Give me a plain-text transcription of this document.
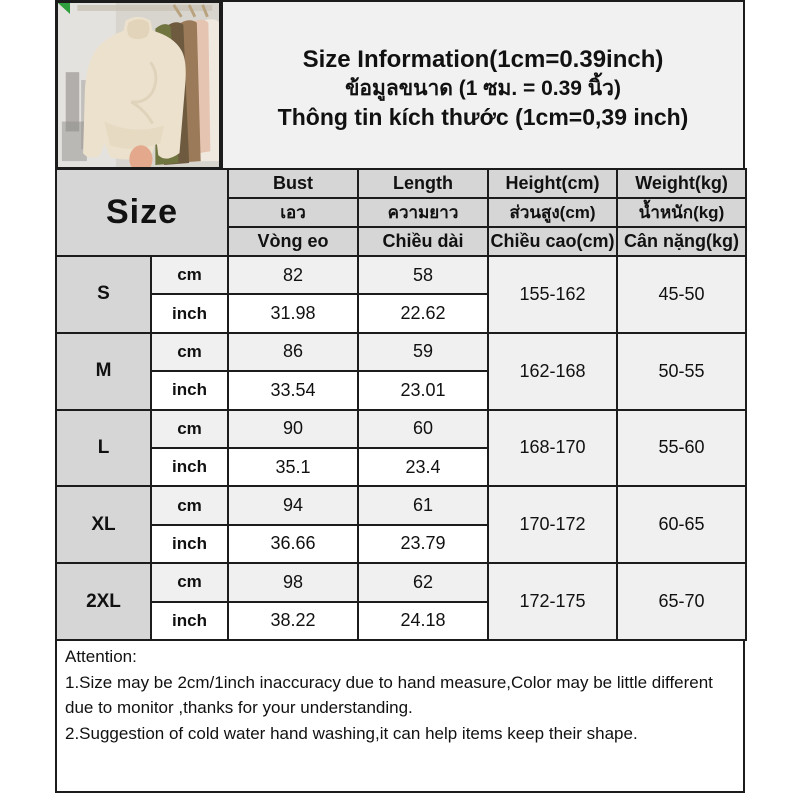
Size Information(1cm=0.39inch)
ข้อมูลขนาด (1 ซม. = 0.39 นิ้ว)
Thông tin kích thước (1cm=0,39 inch)
Size		Bust	Length	Height(cm)	Weight(kg)
		เอว	ความยาว	ส่วนสูง(cm)	น้ำหนัก(kg)
		Vòng eo	Chiều dài	Chiều cao(cm)	Cân nặng(kg)
S	cm	82	58	155-162	45-50
	inch	31.98	22.62		
M	cm	86	59	162-168	50-55
	inch	33.54	23.01		
L	cm	90	60	168-170	55-60
	inch	35.1	23.4		
XL	cm	94	61	170-172	60-65
	inch	36.66	23.79		
2XL	cm	98	62	172-175	65-70
	inch	38.22	24.18		

Attention:

1.Size may be 2cm/1inch inaccuracy due to hand measure,Color may be little different due to monitor ,thanks for your understanding.

2.Suggestion of cold water hand washing,it can help items keep their shape.
